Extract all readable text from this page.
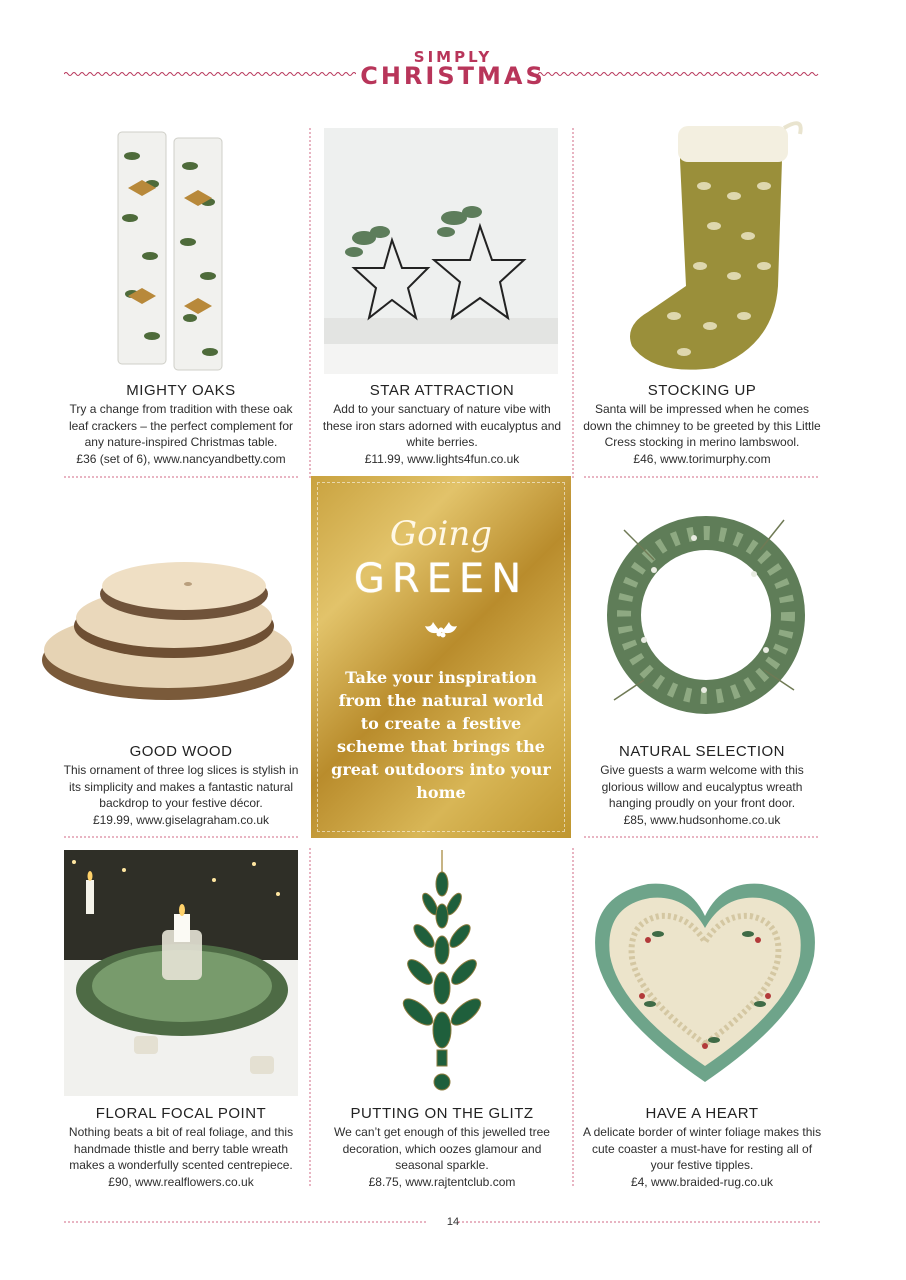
SIMPLY
CHRISTMAS
MIGHTY OAKS
Try a change from tradition with these oak leaf crackers – the perfect complement for any nature-inspired Christmas table.
£36 (set of 6), www.nancyandbetty.com
STAR ATTRACTION
Add to your sanctuary of nature vibe with these iron stars adorned with eucalyptus and white berries.
£11.99, www.lights4fun.co.uk
STOCKING UP
Santa will be impressed when he comes down the chimney to be greeted by this Little Cress stocking in merino lambswool.
£46, www.torimurphy.com
GOOD WOOD
This ornament of three log slices is stylish in its simplicity and makes a fantastic natural backdrop to your festive décor.
£19.99, www.giselagraham.co.uk
Going
GREEN
Take your inspiration from the natural world to create a festive scheme that brings the great outdoors into your home
NATURAL SELECTION
Give guests a warm welcome with this glorious willow and eucalyptus wreath hanging proudly on your front door.
£85, www.hudsonhome.co.uk
FLORAL FOCAL POINT
Nothing beats a bit of real foliage, and this handmade thistle and berry table wreath makes a wonderfully scented centrepiece.
£90, www.realflowers.co.uk
PUTTING ON THE GLITZ
We can’t get enough of this jewelled tree decoration, which oozes glamour and seasonal sparkle.
£8.75, www.rajtentclub.com
HAVE A HEART
A delicate border of winter foliage makes this cute coaster a must-have for resting all of your festive tipples.
£4, www.braided-rug.co.uk
14
